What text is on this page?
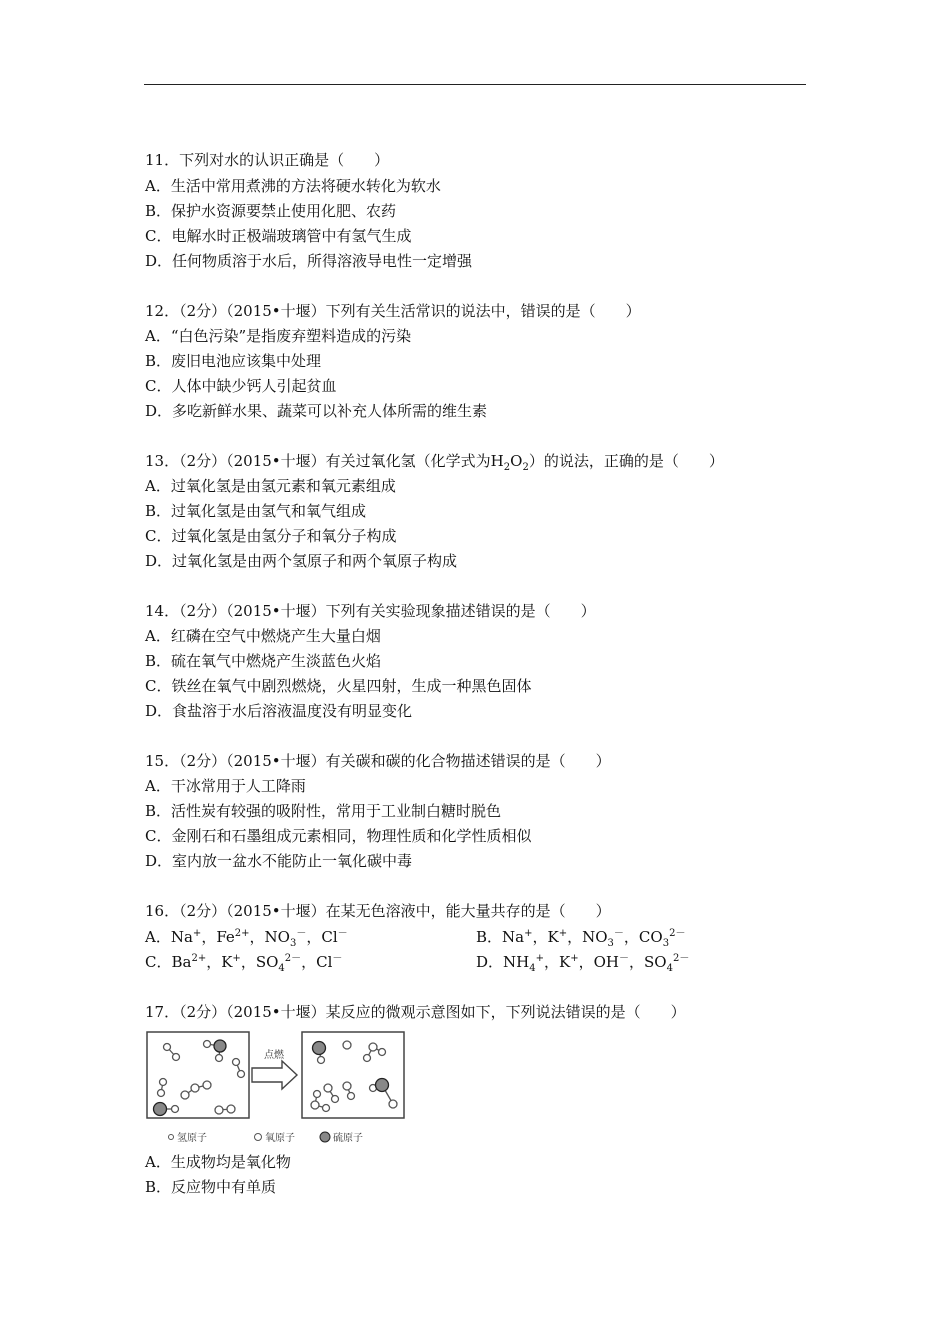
11．下列对水的认识正确是（　　）
A．生活中常用煮沸的方法将硬水转化为软水
B．保护水资源要禁止使用化肥、农药
C．电解水时正极端玻璃管中有氢气生成
D．任何物质溶于水后，所得溶液导电性一定增强
12．（2分）（2015•十堰）下列有关生活常识的说法中，错误的是（　　）
A．“白色污染”是指废弃塑料造成的污染
B．废旧电池应该集中处理
C．人体中缺少钙人引起贫血
D．多吃新鲜水果、蔬菜可以补充人体所需的维生素
13．（2分）（2015•十堰）有关过氧化氢（化学式为$H_2O_2$）的说法，正确的是（　　）
A．过氧化氢是由氢元素和氧元素组成
B．过氧化氢是由氢气和氧气组成
C．过氧化氢是由氢分子和氧分子构成
D．过氧化氢是由两个氢原子和两个氧原子构成
14．（2分）（2015•十堰）下列有关实验现象描述错误的是（　　）
A．红磷在空气中燃烧产生大量白烟
B．硫在氧气中燃烧产生淡蓝色火焰
C．铁丝在氧气中剧烈燃烧，火星四射，生成一种黑色固体
D．食盐溶于水后溶液温度没有明显变化
15．（2分）（2015•十堰）有关碳和碳的化合物描述错误的是（　　）
A．干冰常用于人工降雨
B．活性炭有较强的吸附性，常用于工业制白糖时脱色
C．金刚石和石墨组成元素相同，物理性质和化学性质相似
D．室内放一盆水不能防止一氧化碳中毒
16．（2分）（2015•十堰）在某无色溶液中，能大量共存的是（　　）
A．Na+，$Fe^{2+}$，$NO_3^-$，Cl－	B．Na+，K+，$NO_3^-$，$CO_3^{2-}$
C．$Ba^{2+}$，K+，$SO_4^{2-}$，Cl－	D．$NH_4^+$，K+，OH－，$SO_4^{2-}$
17．（2分）（2015•十堰）某反应的微观示意图如下，下列说法错误的是（　　）
点燃
氢原子	氧原子	硫原子
A．生成物均是氧化物
B．反应物中有单质
